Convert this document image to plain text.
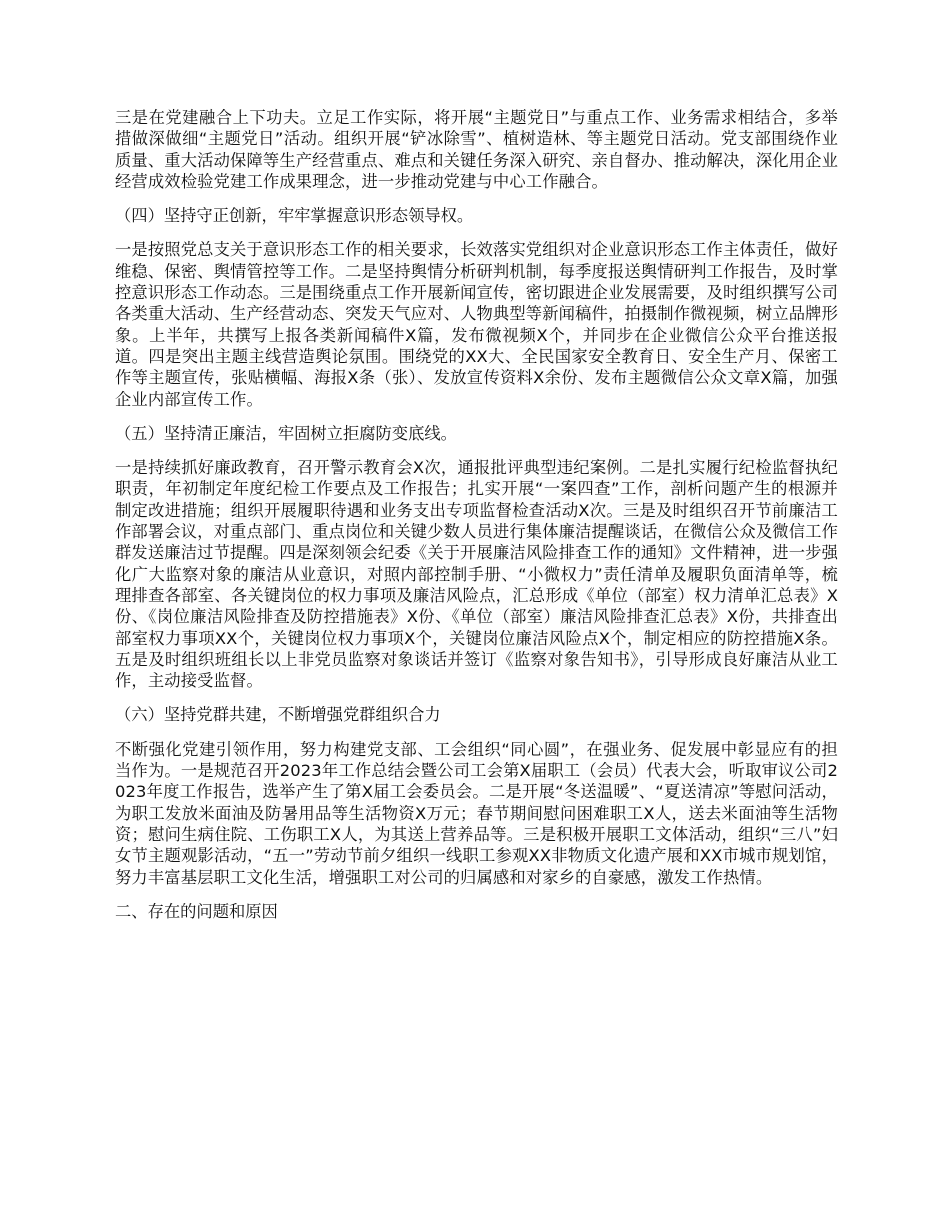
三是在党建融合上下功夫。立足工作实际，将开展“主题党日”与重点工作、业务需求相结合，多举措做深做细“主题党日”活动。组织开展“铲冰除雪”、植树造林、等主题党日活动。党支部围绕作业质量、重大活动保障等生产经营重点、难点和关键任务深入研究、亲自督办、推动解决，深化用企业经营成效检验党建工作成果理念，进一步推动党建与中心工作融合。

（四）坚持守正创新，牢牢掌握意识形态领导权。

一是按照党总支关于意识形态工作的相关要求，长效落实党组织对企业意识形态工作主体责任，做好维稳、保密、舆情管控等工作。二是坚持舆情分析研判机制，每季度报送舆情研判工作报告，及时掌控意识形态工作动态。三是围绕重点工作开展新闻宣传，密切跟进企业发展需要，及时组织撰写公司各类重大活动、生产经营动态、突发天气应对、人物典型等新闻稿件，拍摄制作微视频，树立品牌形象。上半年，共撰写上报各类新闻稿件X篇，发布微视频X个，并同步在企业微信公众平台推送报道。四是突出主题主线营造舆论氛围。围绕党的XX大、全民国家安全教育日、安全生产月、保密工作等主题宣传，张贴横幅、海报X条（张）、发放宣传资料X余份、发布主题微信公众文章X篇，加强企业内部宣传工作。

（五）坚持清正廉洁，牢固树立拒腐防变底线。

一是持续抓好廉政教育，召开警示教育会X次，通报批评典型违纪案例。二是扎实履行纪检监督执纪职责，年初制定年度纪检工作要点及工作报告；扎实开展“一案四查”工作，剖析问题产生的根源并制定改进措施；组织开展履职待遇和业务支出专项监督检查活动X次。三是及时组织召开节前廉洁工作部署会议，对重点部门、重点岗位和关键少数人员进行集体廉洁提醒谈话，在微信公众及微信工作群发送廉洁过节提醒。四是深刻领会纪委《关于开展廉洁风险排查工作的通知》文件精神，进一步强化广大监察对象的廉洁从业意识，对照内部控制手册、“小微权力”责任清单及履职负面清单等，梳理排查各部室、各关键岗位的权力事项及廉洁风险点，汇总形成《单位（部室）权力清单汇总表》X份、《岗位廉洁风险排查及防控措施表》X份、《单位（部室）廉洁风险排查汇总表》X份，共排查出部室权力事项XX个，关键岗位权力事项X个，关键岗位廉洁风险点X个，制定相应的防控措施X条。五是及时组织班组长以上非党员监察对象谈话并签订《监察对象告知书》，引导形成良好廉洁从业工作，主动接受监督。

（六）坚持党群共建，不断增强党群组织合力

不断强化党建引领作用，努力构建党支部、工会组织“同心圆”，在强业务、促发展中彰显应有的担当作为。一是规范召开2023年工作总结会暨公司工会第X届职工（会员）代表大会，听取审议公司2023年度工作报告，选举产生了第X届工会委员会。二是开展“冬送温暖”、“夏送清凉”等慰问活动，为职工发放米面油及防暑用品等生活物资X万元；春节期间慰问困难职工X人，送去米面油等生活物资；慰问生病住院、工伤职工X人，为其送上营养品等。三是积极开展职工文体活动，组织“三八”妇女节主题观影活动，“五一”劳动节前夕组织一线职工参观XX非物质文化遗产展和XX市城市规划馆，努力丰富基层职工文化生活，增强职工对公司的归属感和对家乡的自豪感，激发工作热情。

二、存在的问题和原因
